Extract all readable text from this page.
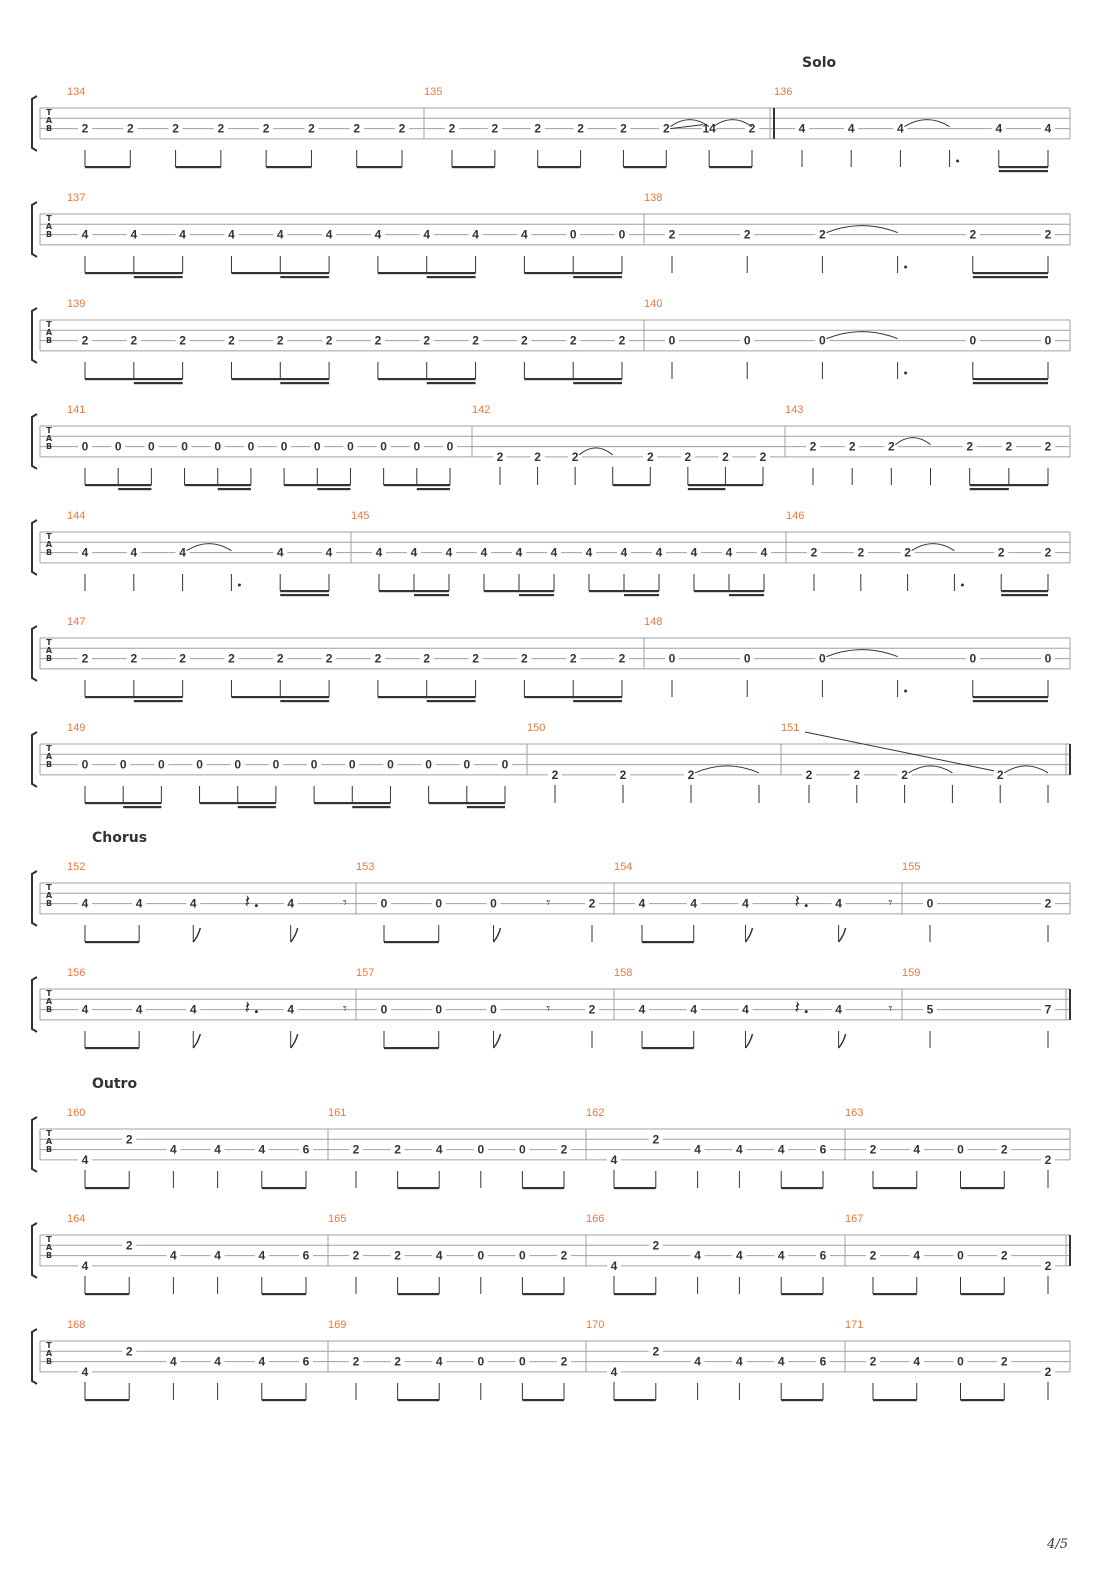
Solo
Chorus
Outro
T
A
B
134
2	2	2	2	2	2	2	2
135
2	2	2	2	2	2	14	2
136
4	4	4	4	4
T
A
B
137
4	4	4	4	4	4	4	4	4	4	0	0
138
2	2	2	2	2
T
A
B
139
2	2	2	2	2	2	2	2	2	2	2	2
140
0	0	0	0	0
T
A
B
141
0 0 0 0 0 0 0 0 0 0 0 0
142
2	2	2	2	2	2	2
143
2	2	2	2	2	2
T
A
B
144
4	4	4	4	4
145
4 4 4 4 4 4 4 4 4 4 4 4
146
2	2	2	2	2
T
A
B
147
2	2	2	2	2	2	2	2	2	2	2	2
148
0	0	0	0	0
T
A
B
149
0	0	0	0	0	0	0	0	0	0	0	0
150
2	2	2
151
2	2	2	2
T
A
B
152
4	4	4	𝄽	4	𝄾
153
0	0	0	𝄾	2
154
4	4	4	𝄽	4	𝄾
155
0	2
T
A
B
156
4	4	4	𝄽	4	𝄾
157
0	0	0	𝄾	2
158
4	4	4	𝄽	4	𝄾
159
5	7
T
A
B
160
4
2
4	4	4	6
161
2	2	4	0	0	2
162
4
2
4	4	4	6
163
2	4	0	2
2
T
A
B
164
4
2
4	4	4	6
165
2	2	4	0	0	2
166
4
2
4	4	4	6
167
2	4	0	2
2
T
A
B
168
4
2
4	4	4	6
169
2	2	4	0	0	2
170
4
2
4	4	4	6
171
2	4	0	2
2
4/5
